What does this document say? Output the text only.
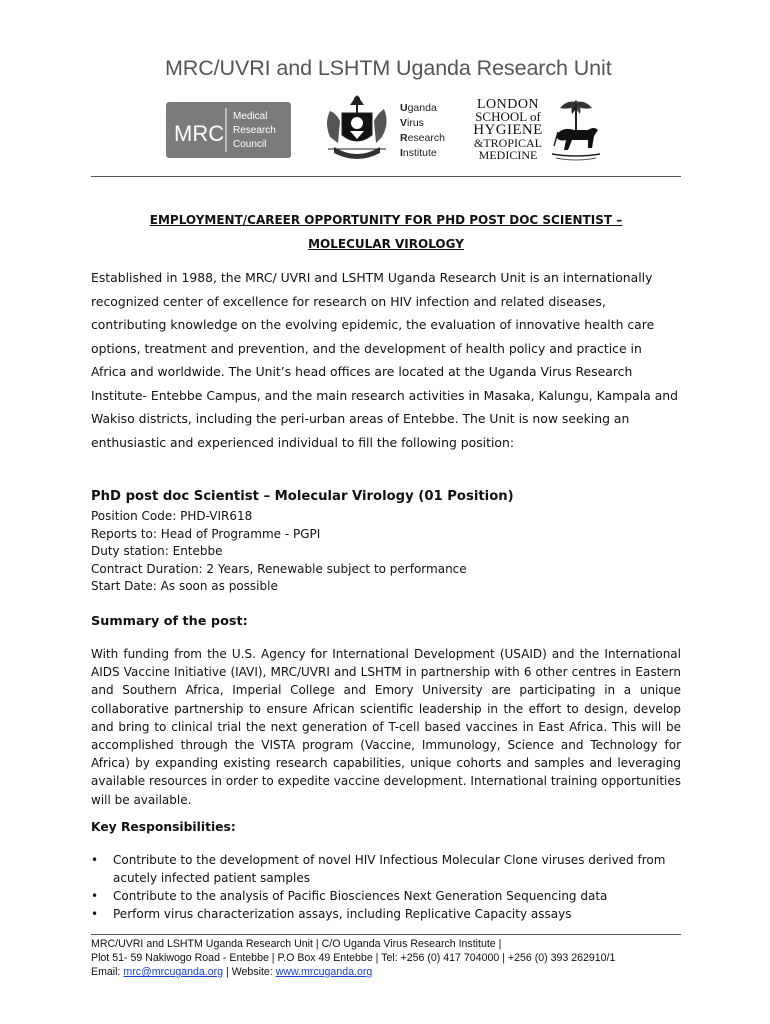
MRC/UVRI and LSHTM Uganda Research Unit
MRC
Medical
Research
Council
Uganda
Virus
Research
Institute
LONDON
SCHOOL of
HYGIENE
&TROPICAL
MEDICINE
EMPLOYMENT/CAREER OPPORTUNITY FOR PHD POST DOC SCIENTIST –
MOLECULAR VIROLOGY

Established in 1988, the MRC/ UVRI and LSHTM Uganda Research Unit is an internationally recognized center of excellence for research on HIV infection and related diseases, contributing knowledge on the evolving epidemic, the evaluation of innovative health care options, treatment and prevention, and the development of health policy and practice in Africa and worldwide. The Unit’s head offices are located at the Uganda Virus Research Institute- Entebbe Campus, and the main research activities in Masaka, Kalungu, Kampala and Wakiso districts, including the peri-urban areas of Entebbe. The Unit is now seeking an enthusiastic and experienced individual to fill the following position:

PhD post doc Scientist – Molecular Virology (01 Position)
Position Code: PHD-VIR618
Reports to: Head of Programme - PGPI
Duty station: Entebbe
Contract Duration: 2 Years, Renewable subject to performance
Start Date: As soon as possible
Summary of the post:

With funding from the U.S. Agency for International Development (USAID) and the International AIDS Vaccine Initiative (IAVI), MRC/UVRI and LSHTM in partnership with 6 other centres in Eastern and Southern Africa, Imperial College and Emory University are participating in a unique collaborative partnership to ensure African scientific leadership in the effort to design, develop and bring to clinical trial the next generation of T-cell based vaccines in East Africa. This will be accomplished through the VISTA program (Vaccine, Immunology, Science and Technology for Africa) by expanding existing research capabilities, unique cohorts and samples and leveraging available resources in order to expedite vaccine development. International training opportunities will be available.

Key Responsibilities:
• Contribute to the development of novel HIV Infectious Molecular Clone viruses derived from acutely infected patient samples
• Contribute to the analysis of Pacific Biosciences Next Generation Sequencing data
• Perform virus characterization assays, including Replicative Capacity assays
MRC/UVRI and LSHTM Uganda Research Unit | C/O Uganda Virus Research Institute |
Plot 51- 59 Nakiwogo Road - Entebbe | P.O Box 49 Entebbe | Tel: +256 (0) 417 704000 | +256 (0) 393 262910/1
Email: mrc@mrcuganda.org | Website: www.mrcuganda.org
